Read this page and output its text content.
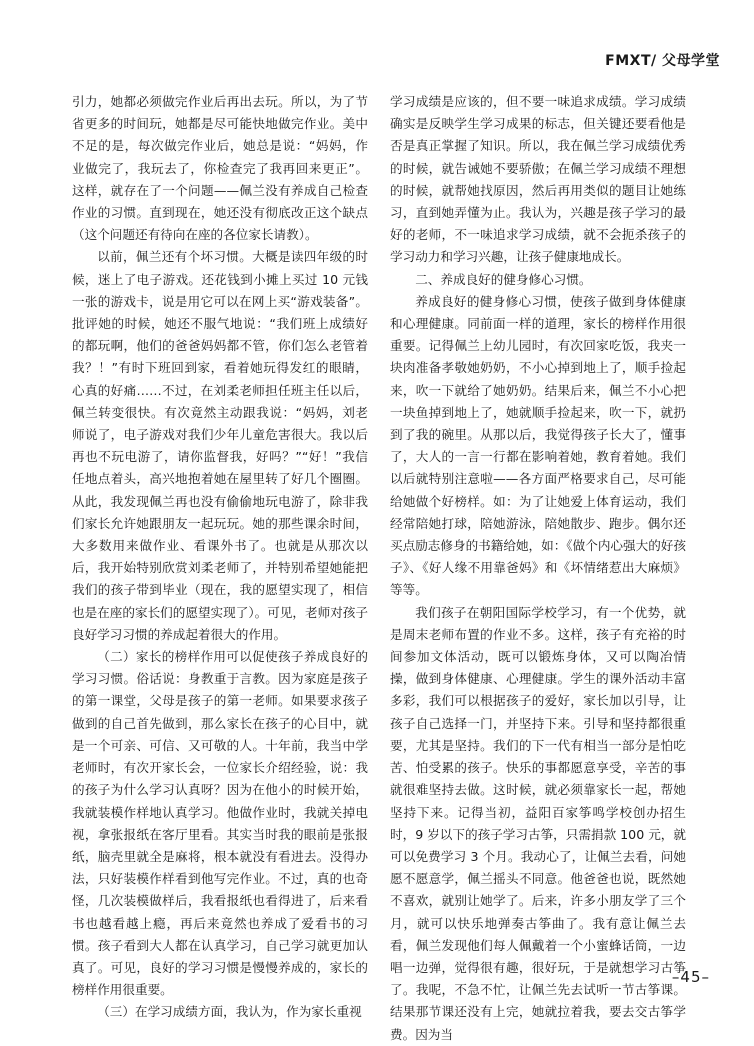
FMXT/ 父母学堂

引力，她都必须做完作业后再出去玩。所以，为了节省更多的时间玩，她都是尽可能快地做完作业。美中不足的是，每次做完作业后，她总是说：“妈妈，作业做完了，我玩去了，你检查完了我再回来更正”。这样，就存在了一个问题——佩兰没有养成自己检查作业的习惯。直到现在，她还没有彻底改正这个缺点（这个问题还有待向在座的各位家长请教）。

以前，佩兰还有个坏习惯。大概是读四年级的时候，迷上了电子游戏。还花钱到小摊上买过 10 元钱一张的游戏卡，说是用它可以在网上买“游戏装备”。批评她的时候，她还不服气地说：“我们班上成绩好的都玩啊，他们的爸爸妈妈都不管，你们怎么老管着我？！”有时下班回到家，看着她玩得发红的眼睛，心真的好痛……不过，在刘柔老师担任班主任以后，佩兰转变很快。有次竟然主动跟我说：“妈妈，刘老师说了，电子游戏对我们少年儿童危害很大。我以后再也不玩电游了，请你监督我，好吗？”“好！”我信任地点着头，高兴地抱着她在屋里转了好几个圈圈。从此，我发现佩兰再也没有偷偷地玩电游了，除非我们家长允许她跟朋友一起玩玩。她的那些课余时间，大多数用来做作业、看课外书了。也就是从那次以后，我开始特别欣赏刘柔老师了，并特别希望她能把我们的孩子带到毕业（现在，我的愿望实现了，相信也是在座的家长们的愿望实现了）。可见，老师对孩子良好学习习惯的养成起着很大的作用。

（二）家长的榜样作用可以促使孩子养成良好的学习习惯。俗话说：身教重于言教。因为家庭是孩子的第一课堂，父母是孩子的第一老师。如果要求孩子做到的自己首先做到，那么家长在孩子的心目中，就是一个可亲、可信、又可敬的人。十年前，我当中学老师时，有次开家长会，一位家长介绍经验，说：我的孩子为什么学习认真呀？因为在他小的时候开始，我就装模作样地认真学习。他做作业时，我就关掉电视，拿张报纸在客厅里看。其实当时我的眼前是张报纸，脑壳里就全是麻将，根本就没有看进去。没得办法，只好装模作样看到他写完作业。不过，真的也奇怪，几次装模做样后，我看报纸也看得进了，后来看书也越看越上瘾，再后来竟然也养成了爱看书的习惯。孩子看到大人都在认真学习，自己学习就更加认真了。可见，良好的学习习惯是慢慢养成的，家长的榜样作用很重要。

（三）在学习成绩方面，我认为，作为家长重视

学习成绩是应该的，但不要一味追求成绩。学习成绩确实是反映学生学习成果的标志，但关键还要看他是否是真正掌握了知识。所以，我在佩兰学习成绩优秀的时候，就告诫她不要骄傲；在佩兰学习成绩不理想的时候，就帮她找原因，然后再用类似的题目让她练习，直到她弄懂为止。我认为，兴趣是孩子学习的最好的老师，不一味追求学习成绩，就不会扼杀孩子的学习动力和学习兴趣，让孩子健康地成长。

二、养成良好的健身修心习惯。

养成良好的健身修心习惯，使孩子做到身体健康和心理健康。同前面一样的道理，家长的榜样作用很重要。记得佩兰上幼儿园时，有次回家吃饭，我夹一块肉准备孝敬她奶奶，不小心掉到地上了，顺手捡起来，吹一下就给了她奶奶。结果后来，佩兰不小心把一块鱼掉到地上了，她就顺手捡起来，吹一下，就扔到了我的碗里。从那以后，我觉得孩子长大了，懂事了，大人的一言一行都在影响着她，教育着她。我们以后就特别注意啦——各方面严格要求自己，尽可能给她做个好榜样。如：为了让她爱上体育运动，我们经常陪她打球，陪她游泳，陪她散步、跑步。偶尔还买点励志修身的书籍给她，如：《做个内心强大的好孩子》、《好人缘不用靠爸妈》和《坏情绪惹出大麻烦》等等。

我们孩子在朝阳国际学校学习，有一个优势，就是周末老师布置的作业不多。这样，孩子有充裕的时间参加文体活动，既可以锻炼身体，又可以陶冶情操，做到身体健康、心理健康。学生的课外活动丰富多彩，我们可以根据孩子的爱好，家长加以引导，让孩子自己选择一门，并坚持下来。引导和坚持都很重要，尤其是坚持。我们的下一代有相当一部分是怕吃苦、怕受累的孩子。快乐的事都愿意享受，辛苦的事就很难坚持去做。这时候，就必须靠家长一起，帮她坚持下来。记得当初，益阳百家筝鸣学校创办招生时，9 岁以下的孩子学习古筝，只需捐款 100 元，就可以免费学习 3 个月。我动心了，让佩兰去看，问她愿不愿意学，佩兰摇头不同意。他爸爸也说，既然她不喜欢，就别让她学了。后来，许多小朋友学了三个月，就可以快乐地弹奏古筝曲了。我有意让佩兰去看，佩兰发现他们每人佩戴着一个小蜜蜂话筒，一边唱一边弹，觉得很有趣，很好玩，于是就想学习古筝了。我呢，不急不忙，让佩兰先去试听一节古筝课。结果那节课还没有上完，她就拉着我，要去交古筝学费。因为当

–45–
